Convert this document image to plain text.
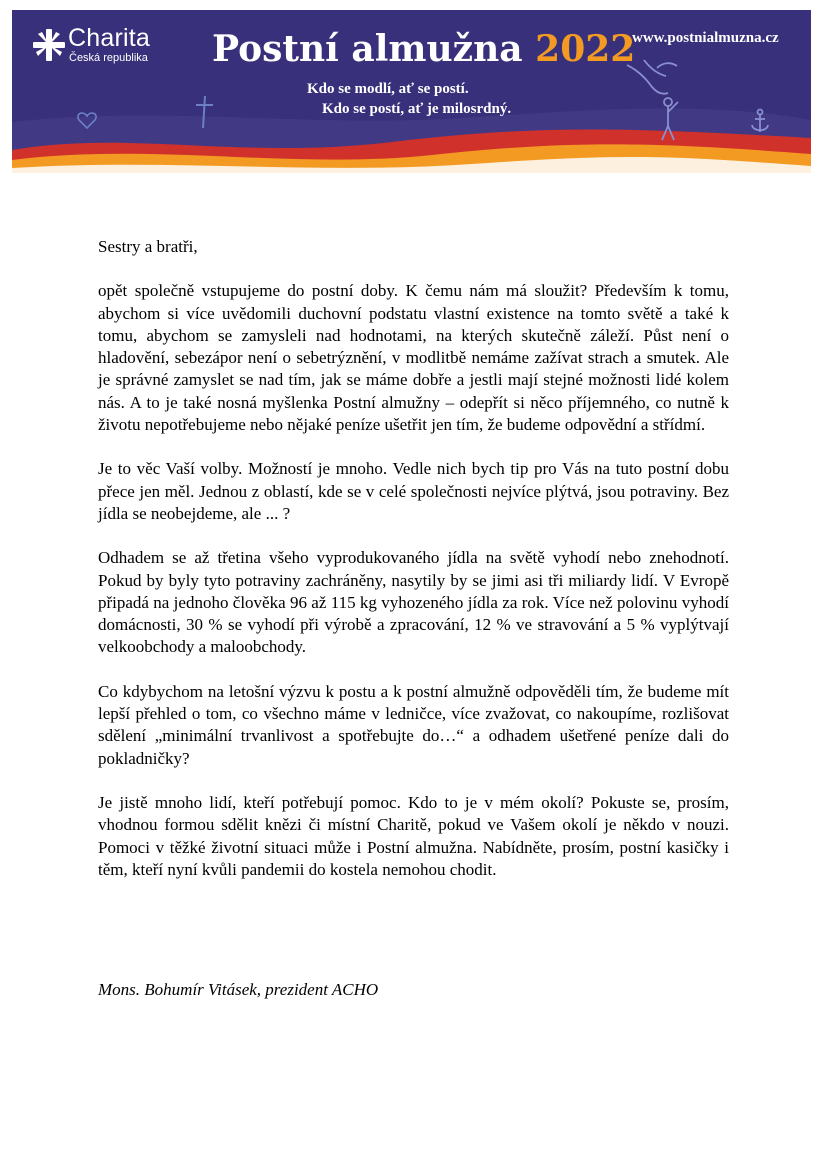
Charita
Česká republika Postní almužna 2022
www.postnialmuzna.cz
Kdo se modlí, ať se postí.
Kdo se postí, ať je milosrdný.

Sestry a bratři,

opět společně vstupujeme do postní doby. K čemu nám má sloužit? Především k tomu, abychom si více uvědomili duchovní podstatu vlastní existence na tomto světě a také k tomu, abychom se zamysleli nad hodnotami, na kterých skutečně záleží. Půst není o hladovění, sebezápor není o sebetrýznění, v modlitbě nemáme zažívat strach a smutek. Ale je správné zamyslet se nad tím, jak se máme dobře a jestli mají stejné možnosti lidé kolem nás. A to je také nosná myšlenka Postní almužny – odepřít si něco příjemného, co nutně k životu nepotřebujeme nebo nějaké peníze ušetřit jen tím, že budeme odpovědní a střídmí.

Je to věc Vaší volby. Možností je mnoho. Vedle nich bych tip pro Vás na tuto postní dobu přece jen měl. Jednou z oblastí, kde se v celé společnosti nejvíce plýtvá, jsou potraviny. Bez jídla se neobejdeme, ale ... ?

Odhadem se až třetina všeho vyprodukovaného jídla na světě vyhodí nebo znehodnotí. Pokud by byly tyto potraviny zachráněny, nasytily by se jimi asi tři miliardy lidí. V Evropě připadá na jednoho člověka 96 až 115 kg vyhozeného jídla za rok. Více než polovinu vyhodí domácnosti, 30 % se vyhodí při výrobě a zpracování, 12 % ve stravování a 5 % vyplýtvají velkoobchody a maloobchody.

Co kdybychom na letošní výzvu k postu a k postní almužně odpověděli tím, že budeme mít lepší přehled o tom, co všechno máme v ledničce, více zvažovat, co nakoupíme, rozlišovat sdělení „minimální trvanlivost a spotřebujte do…“ a odhadem ušetřené peníze dali do pokladničky?

Je jistě mnoho lidí, kteří potřebují pomoc. Kdo to je v mém okolí? Pokuste se, prosím, vhodnou formou sdělit knězi či místní Charitě, pokud ve Vašem okolí je někdo v nouzi. Pomoci v těžké životní situaci může i Postní almužna. Nabídněte, prosím, postní kasičky i těm, kteří nyní kvůli pandemii do kostela nemohou chodit.

Mons. Bohumír Vitásek, prezident ACHO
